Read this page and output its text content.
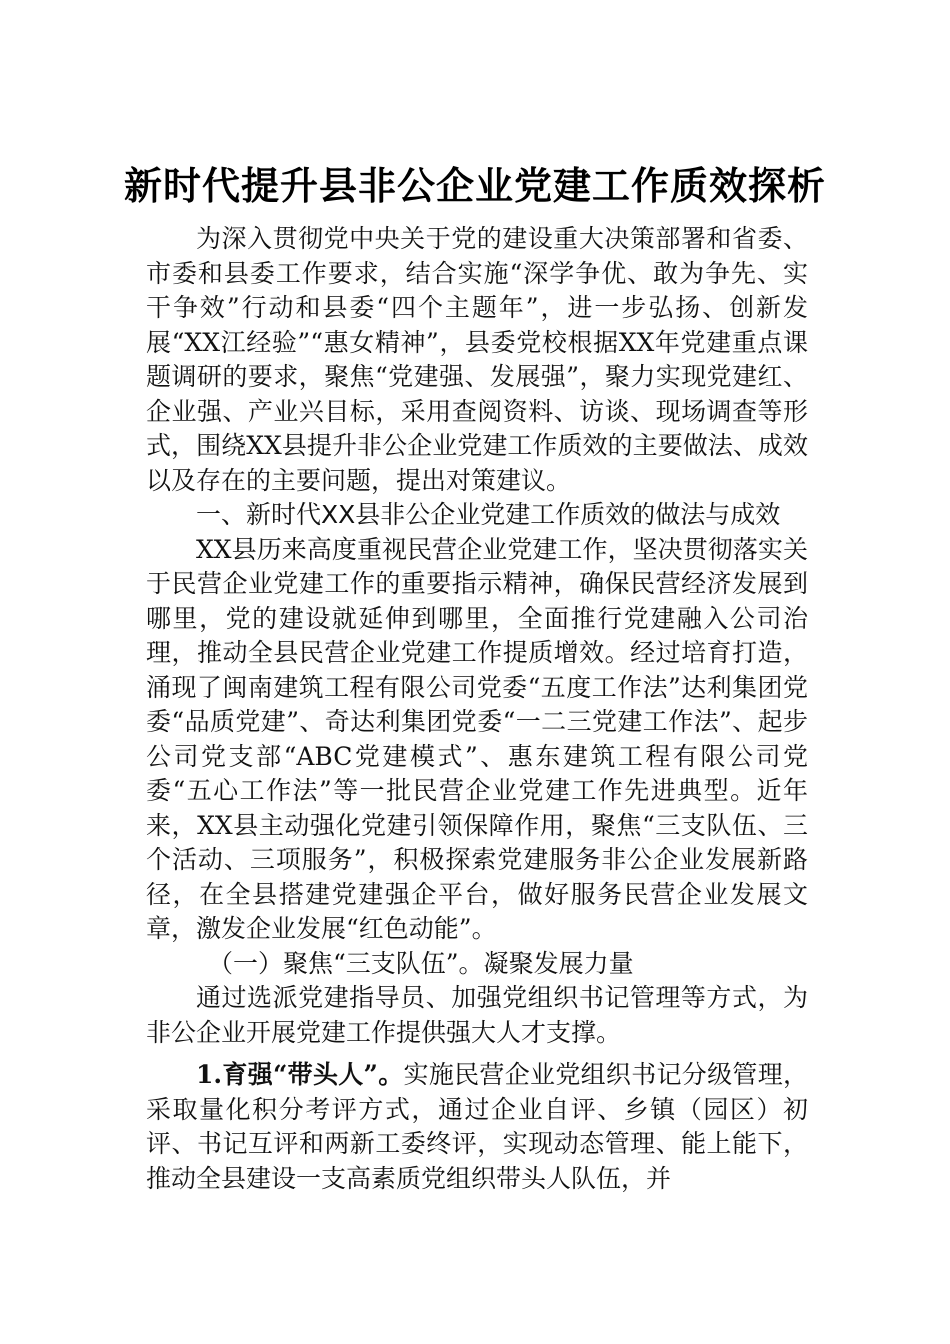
新时代提升县非公企业党建工作质效探析

为深入贯彻党中央关于党的建设重大决策部署和省委、市委和县委工作要求，结合实施“深学争优、敢为争先、实干争效”行动和县委“四个主题年”，进一步弘扬、创新发展“XX江经验”“惠女精神”，县委党校根据XX年党建重点课题调研的要求，聚焦“党建强、发展强”，聚力实现党建红、企业强、产业兴目标，采用查阅资料、访谈、现场调查等形式，围绕XX县提升非公企业党建工作质效的主要做法、成效以及存在的主要问题，提出对策建议。

一、新时代XX县非公企业党建工作质效的做法与成效

XX县历来高度重视民营企业党建工作，坚决贯彻落实关于民营企业党建工作的重要指示精神，确保民营经济发展到哪里，党的建设就延伸到哪里，全面推行党建融入公司治理，推动全县民营企业党建工作提质增效。经过培育打造，涌现了闽南建筑工程有限公司党委“五度工作法”达利集团党委“品质党建”、奇达利集团党委“一二三党建工作法”、起步公司党支部“ABC党建模式”、惠东建筑工程有限公司党委“五心工作法”等一批民营企业党建工作先进典型。近年来，XX县主动强化党建引领保障作用，聚焦“三支队伍、三个活动、三项服务”，积极探索党建服务非公企业发展新路径，在全县搭建党建强企平台，做好服务民营企业发展文章，激发企业发展“红色动能”。

（一）聚焦“三支队伍”。凝聚发展力量

通过选派党建指导员、加强党组织书记管理等方式，为非公企业开展党建工作提供强大人才支撑。

1.育强“带头人”。实施民营企业党组织书记分级管理，采取量化积分考评方式，通过企业自评、乡镇（园区）初评、书记互评和两新工委终评，实现动态管理、能上能下，推动全县建设一支高素质党组织带头人队伍，并
